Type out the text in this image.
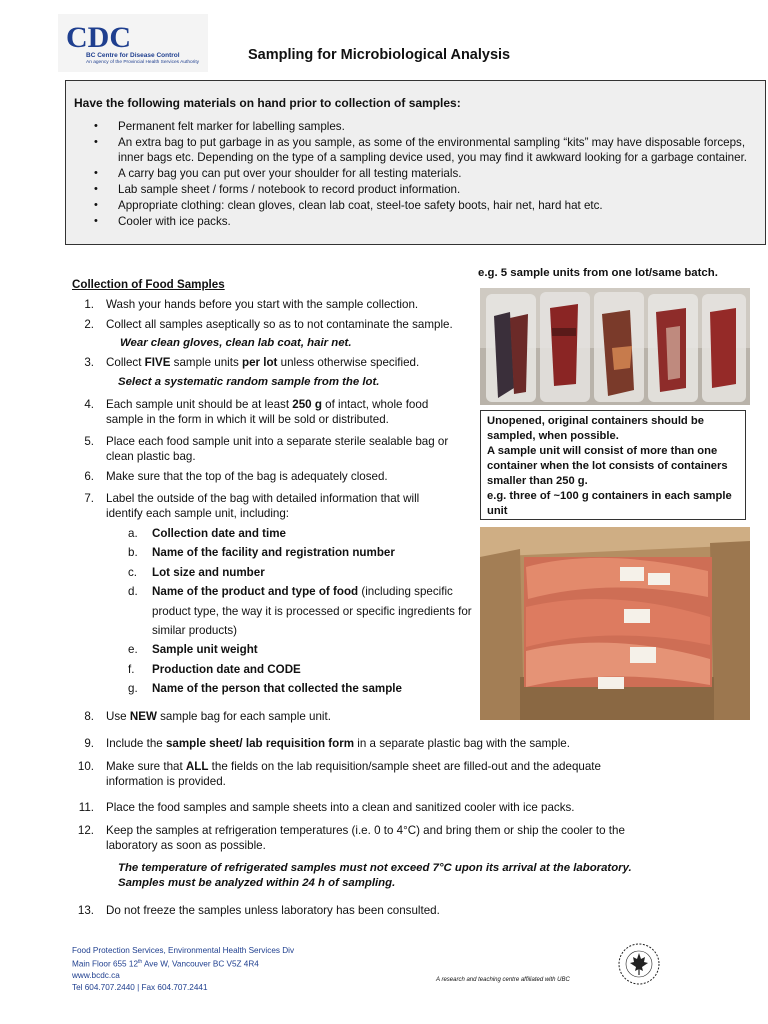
CDC
BC Centre for Disease Control
An agency of the Provincial Health Services Authority	Sampling for Microbiological Analysis
Have the following materials on hand prior to collection of samples:
• Permanent felt marker for labelling samples.
• An extra bag to put garbage in as you sample, as some of the environmental sampling “kits” may have disposable forceps, inner bags etc. Depending on the type of a sampling device used, you may find it awkward looking for a garbage container.
• A carry bag you can put over your shoulder for all testing materials.
• Lab sample sheet / forms / notebook to record product information.
• Appropriate clothing: clean gloves, clean lab coat, steel-toe safety boots, hair net, hard hat etc.
• Cooler with ice packs.
Collection of Food Samples
1. Wash your hands before you start with the sample collection.
2. Collect all samples aseptically so as to not contaminate the sample.
Wear clean gloves, clean lab coat, hair net.
3. Collect FIVE sample units per lot unless otherwise specified.
Select a systematic random sample from the lot.
4. Each sample unit should be at least 250 g of intact, whole food sample in the form in which it will be sold or distributed.
5. Place each food sample unit into a separate sterile sealable bag or clean plastic bag.
6. Make sure that the top of the bag is adequately closed.
7. Label the outside of the bag with detailed information that will identify each sample unit, including:
a. Collection date and time
b. Name of the facility and registration number
c. Lot size and number
d. Name of the product and type of food (including specific product type, the way it is processed or specific ingredients for similar products)
e. Sample unit weight
f.	Production date and CODE
g. Name of the person that collected the sample
8. Use NEW sample bag for each sample unit.
9. Include the sample sheet/ lab requisition form in a separate plastic bag with the sample.
10. Make sure that ALL the fields on the lab requisition/sample sheet are filled-out and the adequate information is provided.
11. Place the food samples and sample sheets into a clean and sanitized cooler with ice packs.
12. Keep the samples at refrigeration temperatures (i.e. 0 to 4°C) and bring them or ship the cooler to the laboratory as soon as possible.
The temperature of refrigerated samples must not exceed 7°C upon its arrival at the laboratory.
Samples must be analyzed within 24 h of sampling.
13. Do not freeze the samples unless laboratory has been consulted.
e.g. 5 sample units from one lot/same batch.
Unopened, original containers should be sampled, when possible.
A sample unit will consist of more than one container when the lot consists of containers smaller than 250 g.
e.g. three of ~100 g containers in each sample unit
Food Protection Services, Environmental Health Services Div
Main Floor 655 12th Ave W, Vancouver BC V5Z 4R4
www.bcdc.ca
Tel 604.707.2440 | Fax 604.707.2441
A research and teaching centre affiliated with UBC
